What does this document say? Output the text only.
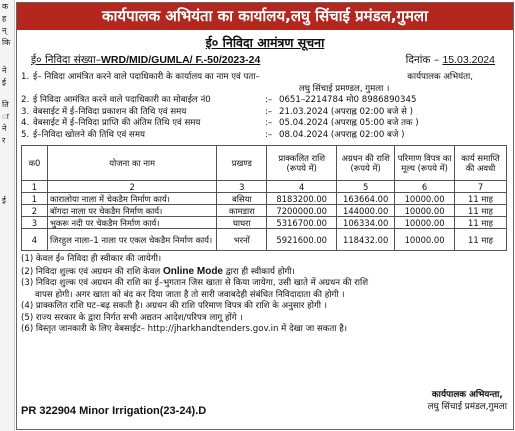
क
ह
न्
कि
ने
ई
ति
ा
ने
र
ई
कार्यपालक अभियंता का कार्यालय,लघु सिंचाई प्रमंडल,गुमला
ई० निविदा आमंत्रण सूचना
ई० निविदा संख्या–WRD/MID/GUMLA/ F.-50/2023-24	दिनांक – 15.03.2024
1. ई– निविदा आमंत्रित करने वाले पदाधिकारी के कार्यालय का नाम एवं पता–	कार्यपालक अभियंता,
लघु सिंचाई प्रमण्डल, गुमला ।
2. ई निविदा आमंत्रित करने वाले पदाधिकारी का मोबाईल नं0	:– 0651–2214784 मो0 8986890345
3. वेबसाईट में ई–निविदा प्रकाशन की तिथि एवं समय	:– 21.03.2024 (अपराह्न 02:00 बजे से )
4. वेबसाईट में ई–निविदा प्राप्ति की अंतिम तिथि एवं समय	:– 05.04.2024 (अपराह्न 05:00 बजे तक )
5. ई–निविदा खोलने की तिथि एवं समय	:– 08.04.2024 (अपराह्न 02:00 बजे )
क0	योजना का नाम	प्रखण्ड	प्राक्कलित राशि (रूपये में)	अग्रधन की राशि (रूपये में)	परिमाण विपत्र का मूल्य (रूपये में)	कार्य समाप्ति की अवधी
1	2	3	4	5	6	7
1	कारालोया नाला में चेकडैम निर्माण कार्य।	बसिया	8183200.00	163664.00	10000.00	11 माह
2	बॉगदा नाला पर चेकडैम निर्माण कार्य।	कामडारा	7200000.00	144000.00	10000.00	11 माह
3	भुकरू नदी पर चेकडैम निर्माण कार्य।	घाघरा	5316700.00	106334.00	10000.00	11 माह
4	जिरहुल नाला–1 नाला पर एकल चेकडैम निर्माण कार्य।	भरनों	5921600.00	118432.00	10000.00	11 माह
(1) केवल ई० निविदा ही स्वीकार की जायेगी।
(2) निविदा शुल्क एवं अग्रधन की राशि केवल Online Mode द्वारा ही स्वीकार्य होगी।
(3) निविदा शुल्क एवं अग्रधन की राशि का ई–भुगतान जिस खाता से किया जायेगा, उसी खाते में अग्रधन की राशि
वापस होगी। अगर खाता को बंद कर दिया जाता है तो सारी जवाबदेही संबंधित निविदादाता की होगी ।
(4) प्राक्कलित राशि घट–बढ़ सकती है। अग्रधन की राशि परिमाण विपत्र की राशि के अनुसार होगी ।
(5) राज्य सरकार के द्वारा निर्गत सभी अद्यतन आदेश/परिपत्र लागू होंगे ।
(6) विस्तृत जानकारी के लिए वेबसाईट– http://jharkhandtenders.gov.in में देखा जा सकता है।
कार्यपालक अभियन्ता,
लघु सिंचाई प्रमंडल,गुमला
PR 322904 Minor Irrigation(23-24).D
